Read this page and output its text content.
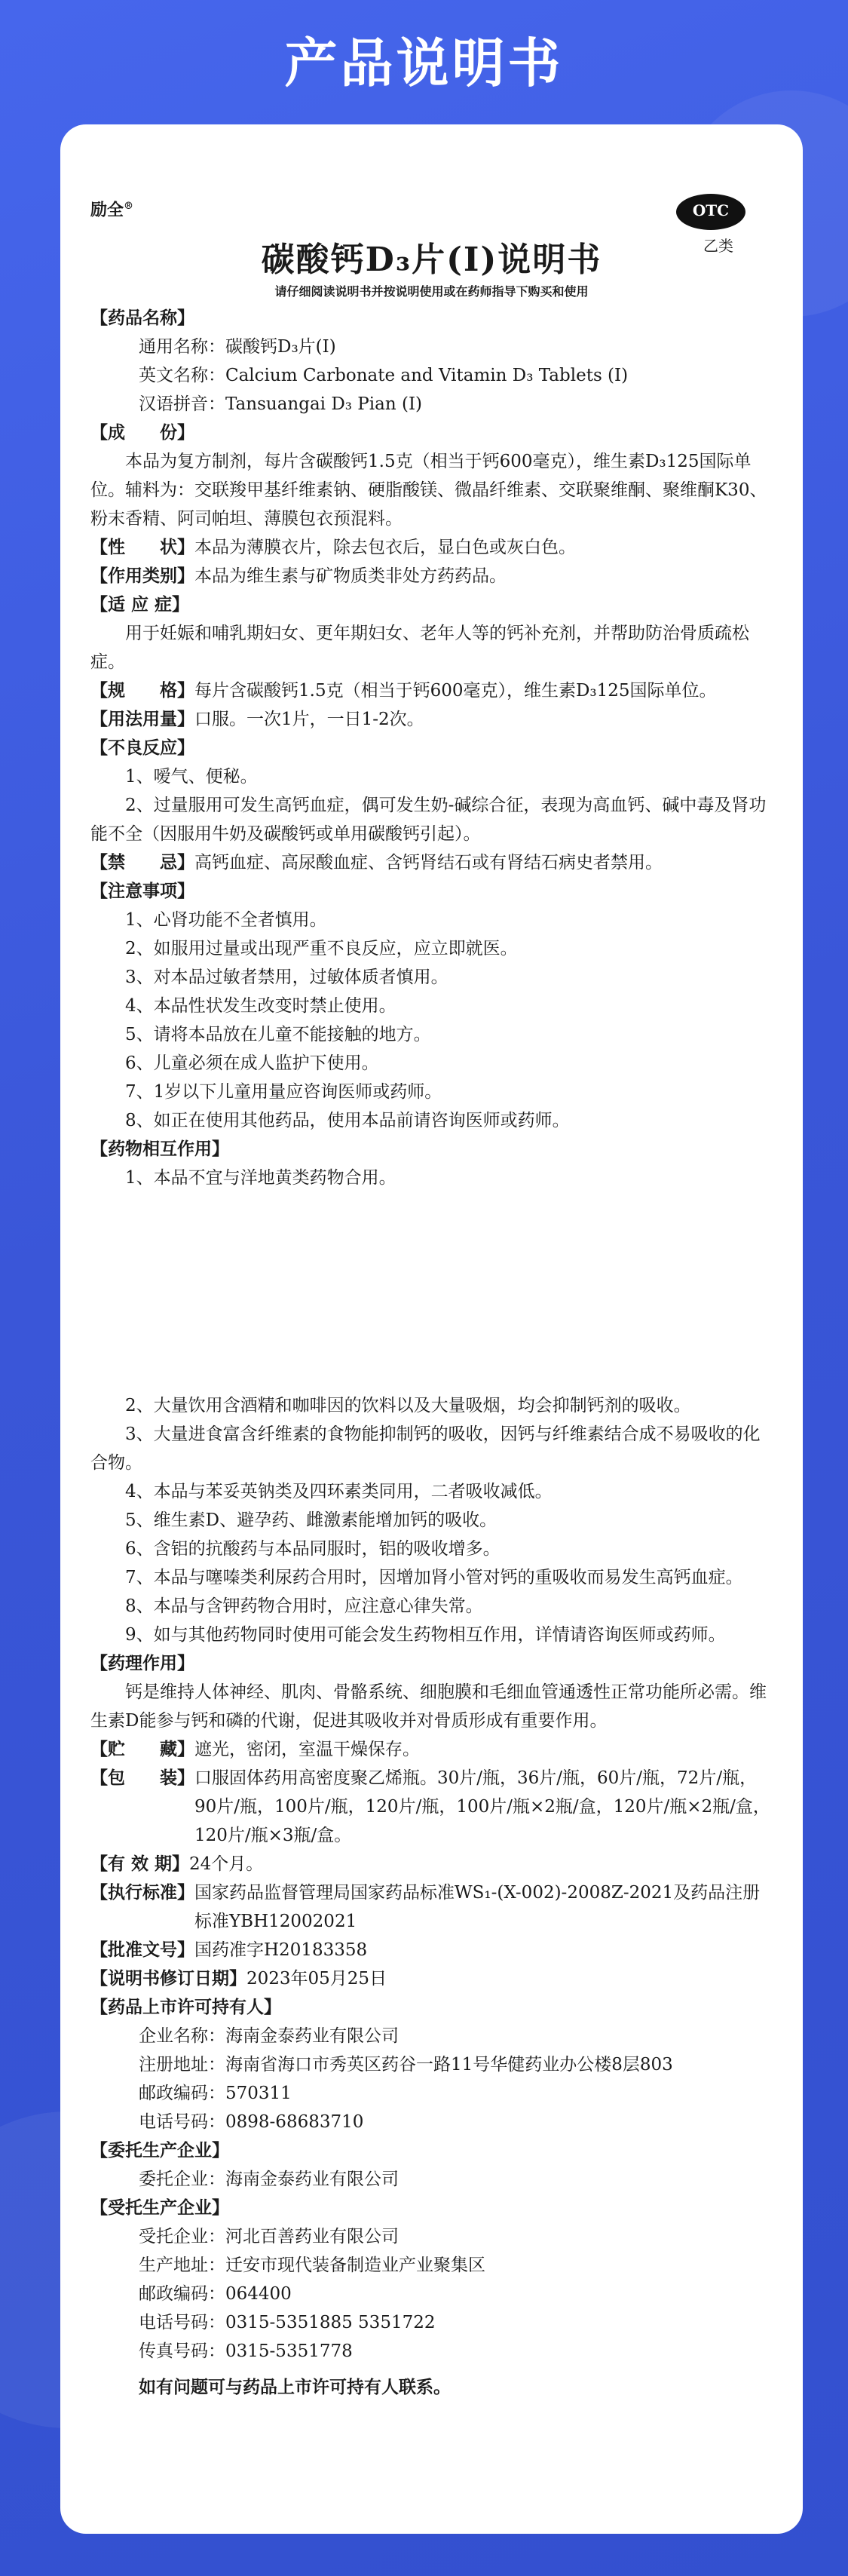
产品说明书
励全®	OTC
乙类
碳酸钙D₃片(Ⅰ)说明书
请仔细阅读说明书并按说明使用或在药师指导下购买和使用
【药品名称】
通用名称：碳酸钙D₃片(Ⅰ)
英文名称：Calcium Carbonate and Vitamin D₃ Tablets (Ⅰ)
汉语拼音：Tansuangai D₃ Pian (Ⅰ)
【成　　份】
本品为复方制剂，每片含碳酸钙1.5克（相当于钙600毫克），维生素D₃125国际单位。辅料为：交联羧甲基纤维素钠、硬脂酸镁、微晶纤维素、交联聚维酮、聚维酮K30、粉末香精、阿司帕坦、薄膜包衣预混料。
【性　　状】 本品为薄膜衣片，除去包衣后，显白色或灰白色。
【作用类别】 本品为维生素与矿物质类非处方药药品。
【适 应 症】
用于妊娠和哺乳期妇女、更年期妇女、老年人等的钙补充剂，并帮助防治骨质疏松症。
【规　　格】 每片含碳酸钙1.5克（相当于钙600毫克），维生素D₃125国际单位。
【用法用量】 口服。一次1片，一日1-2次。
【不良反应】
1、嗳气、便秘。
2、过量服用可发生高钙血症，偶可发生奶-碱综合征，表现为高血钙、碱中毒及肾功能不全（因服用牛奶及碳酸钙或单用碳酸钙引起）。
【禁　　忌】 高钙血症、高尿酸血症、含钙肾结石或有肾结石病史者禁用。
【注意事项】
1、心肾功能不全者慎用。
2、如服用过量或出现严重不良反应，应立即就医。
3、对本品过敏者禁用，过敏体质者慎用。
4、本品性状发生改变时禁止使用。
5、请将本品放在儿童不能接触的地方。
6、儿童必须在成人监护下使用。
7、1岁以下儿童用量应咨询医师或药师。
8、如正在使用其他药品，使用本品前请咨询医师或药师。
【药物相互作用】
1、本品不宜与洋地黄类药物合用。
2、大量饮用含酒精和咖啡因的饮料以及大量吸烟，均会抑制钙剂的吸收。
3、大量进食富含纤维素的食物能抑制钙的吸收，因钙与纤维素结合成不易吸收的化合物。
4、本品与苯妥英钠类及四环素类同用，二者吸收减低。
5、维生素D、避孕药、雌激素能增加钙的吸收。
6、含铝的抗酸药与本品同服时，铝的吸收增多。
7、本品与噻嗪类利尿药合用时，因增加肾小管对钙的重吸收而易发生高钙血症。
8、本品与含钾药物合用时，应注意心律失常。
9、如与其他药物同时使用可能会发生药物相互作用，详情请咨询医师或药师。
【药理作用】
钙是维持人体神经、肌肉、骨骼系统、细胞膜和毛细血管通透性正常功能所必需。维生素D能参与钙和磷的代谢，促进其吸收并对骨质形成有重要作用。
【贮　　藏】 遮光，密闭，室温干燥保存。
【包　　装】 口服固体药用高密度聚乙烯瓶。30片/瓶，36片/瓶，60片/瓶，72片/瓶，90片/瓶，100片/瓶，120片/瓶，100片/瓶×2瓶/盒，120片/瓶×2瓶/盒，120片/瓶×3瓶/盒。
【有 效 期】 24个月。
【执行标准】 国家药品监督管理局国家药品标准WS₁-(X-002)-2008Z-2021及药品注册标准YBH12002021
【批准文号】 国药准字H20183358
【说明书修订日期】 2023年05月25日
【药品上市许可持有人】
企业名称：海南金泰药业有限公司
注册地址：海南省海口市秀英区药谷一路11号华健药业办公楼8层803
邮政编码：570311
电话号码：0898-68683710
【委托生产企业】
委托企业：海南金泰药业有限公司
【受托生产企业】
受托企业：河北百善药业有限公司
生产地址：迁安市现代装备制造业产业聚集区
邮政编码：064400
电话号码：0315-5351885 5351722
传真号码：0315-5351778
如有问题可与药品上市许可持有人联系。
